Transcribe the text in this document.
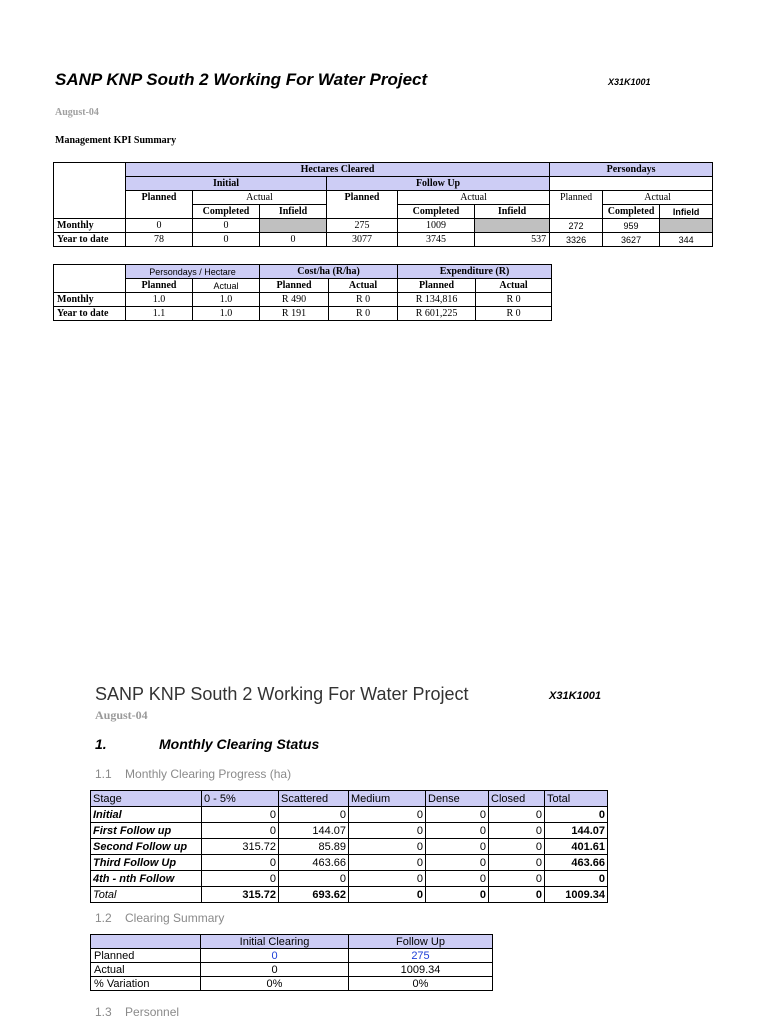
SANP KNP South 2 Working For Water Project	X31K1001
August-04
Management KPI Summary
	Hectares Cleared						Persondays		
	Initial			Follow Up					
	Planned	Actual		Planned	Actual		Planned	Actual	
		Completed	Infield		Completed	Infield		Completed	Infield
Monthly	0	0		275	1009		272	959	
Year to date	78	0	0	3077	3745	537	3326	3627	344
	Persondays / Hectare		Cost/ha (R/ha)		Expenditure (R)	
	Planned	Actual	Planned	Actual	Planned	Actual
Monthly	1.0	1.0	R 490	R 0	R 134,816	R 0
Year to date	1.1	1.0	R 191	R 0	R 601,225	R 0
SANP KNP South 2 Working For Water Project	X31K1001
August-04
1.	Monthly Clearing Status
1.1    Monthly Clearing Progress (ha)
Stage	0 - 5%	Scattered	Medium	Dense	Closed	Total
Initial	0	0	0	0	0	0
First Follow up	0	144.07	0	0	0	144.07
Second Follow up	315.72	85.89	0	0	0	401.61
Third Follow Up	0	463.66	0	0	0	463.66
4th - nth Follow	0	0	0	0	0	0
Total	315.72	693.62	0	0	0	1009.34
1.2    Clearing Summary
	Initial Clearing	Follow Up
Planned	0	275
Actual	0	1009.34
% Variation	0%	0%
1.3    Personnel
